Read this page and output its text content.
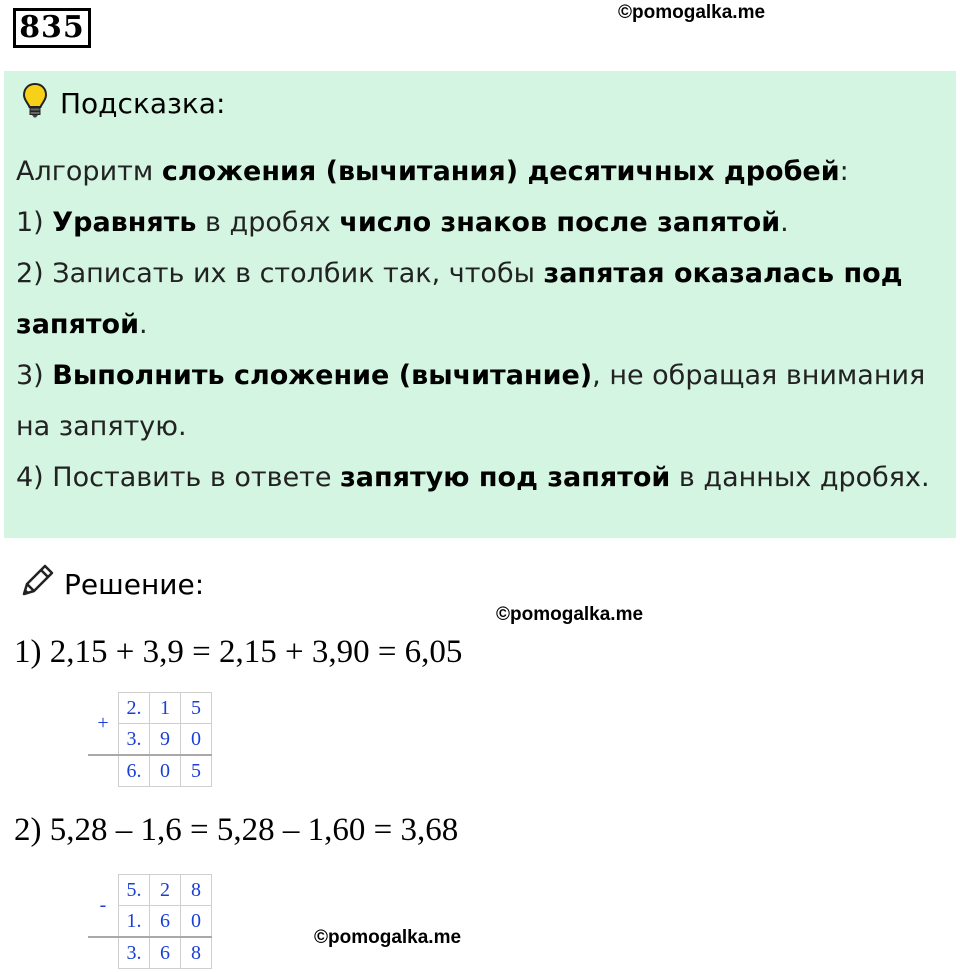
835	©pomogalka.me
Подсказка:
Алгоритм сложения (вычитания) десятичных дробей:
1) Уравнять в дробях число знаков после запятой.
2) Записать их в столбик так, чтобы запятая оказалась под
запятой.
3) Выполнить сложение (вычитание), не обращая внимания
на запятую.
4) Поставить в ответе запятую под запятой в данных дробях.
Решение:
©pomogalka.me
1) 2,15 + 3,9 = 2,15 + 3,90 = 6,05
+	2.	1	5
	3.	9	0
	6.	0	5
2) 5,28 – 1,6 = 5,28 – 1,60 = 3,68
-	5.	2	8
	1.	6	0
	3.	6	8
©pomogalka.me
